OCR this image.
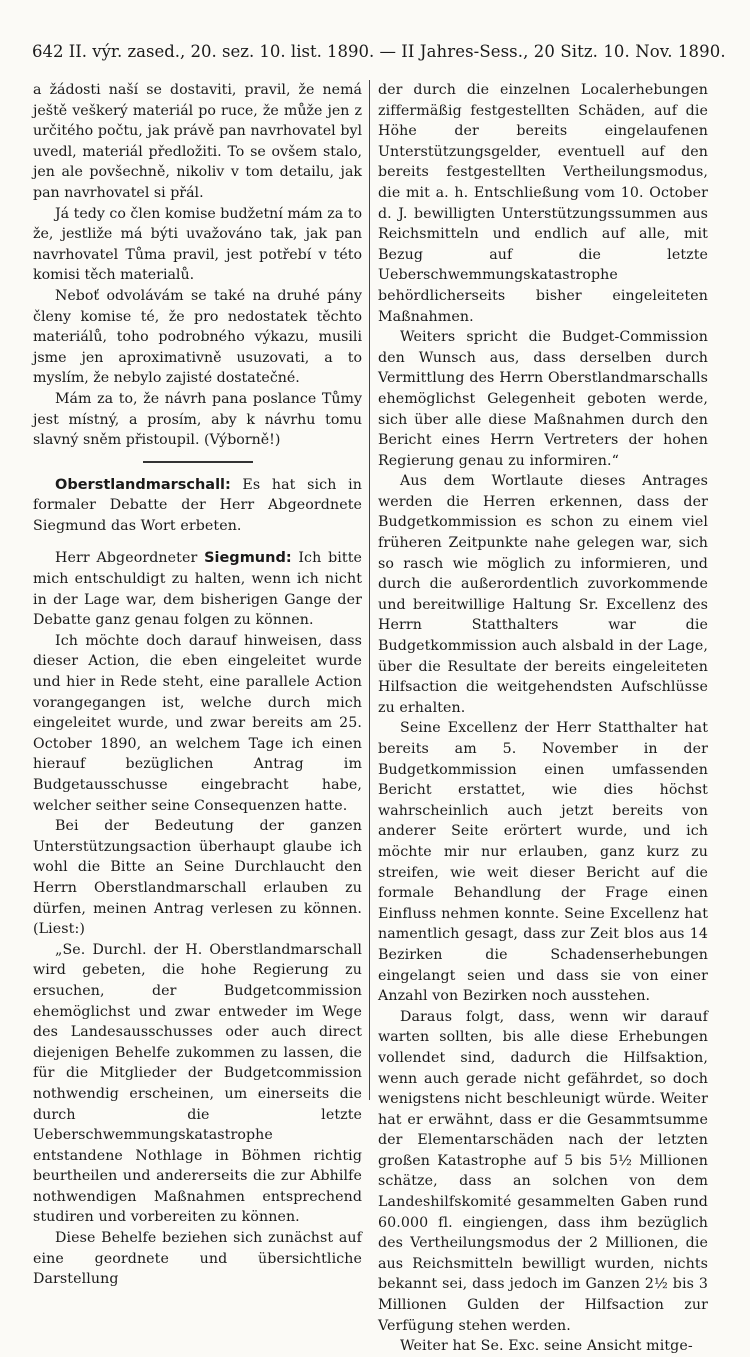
642 II. výr. zased., 20. sez. 10. list. 1890. — II Jahres-Sess., 20 Sitz. 10. Nov. 1890.

a žádosti naší se dostaviti, pravil, že nemá ještě veškerý materiál po ruce, že může jen z určitého počtu, jak právě pan navrhovatel byl uvedl, materiál předložiti. To se ovšem stalo, jen ale povšechně, nikoliv v tom detailu, jak pan navrhovatel si přál.

Já tedy co člen komise budžetní mám za to že, jestliže má býti uvažováno tak, jak pan navrhovatel Tůma pravil, jest potřebí v této komisi těch materialů.

Neboť odvolávám se také na druhé pány členy komise té, že pro nedostatek těchto materiálů, toho podrobného výkazu, musili jsme jen aproximativně usuzovati, a to myslím, že nebylo zajisté dostatečné.

Mám za to, že návrh pana poslance Tůmy jest místný, a prosím, aby k návrhu tomu slavný sněm přistoupil. (Výborně!)

Oberstlandmarschall: Es hat sich in formaler Debatte der Herr Abgeordnete Siegmund das Wort erbeten.

Herr Abgeordneter Siegmund: Ich bitte mich entschuldigt zu halten, wenn ich nicht in der Lage war, dem bisherigen Gange der Debatte ganz genau folgen zu können.

Ich möchte doch darauf hinweisen, dass dieser Action, die eben eingeleitet wurde und hier in Rede steht, eine parallele Action vorangegangen ist, welche durch mich eingeleitet wurde, und zwar bereits am 25. October 1890, an welchem Tage ich einen hierauf bezüglichen Antrag im Budgetausschusse eingebracht habe, welcher seither seine Consequenzen hatte.

Bei der Bedeutung der ganzen Unterstützungsaction überhaupt glaube ich wohl die Bitte an Seine Durchlaucht den Herrn Oberstlandmarschall erlauben zu dürfen, meinen Antrag verlesen zu können. (Liest:)

„Se. Durchl. der H. Oberstlandmarschall wird gebeten, die hohe Regierung zu ersuchen, der Budgetcommission ehemöglichst und zwar entweder im Wege des Landesausschusses oder auch direct diejenigen Behelfe zukommen zu lassen, die für die Mitglieder der Budgetcommission nothwendig erscheinen, um einerseits die durch die letzte Ueberschwemmungskatastrophe entstandene Nothlage in Böhmen richtig beurtheilen und andererseits die zur Abhilfe nothwendigen Maßnahmen entsprechend studiren und vorbereiten zu können.

Diese Behelfe beziehen sich zunächst auf eine geordnete und übersichtliche Darstellung

der durch die einzelnen Localerhebungen ziffermäßig festgestellten Schäden, auf die Höhe der bereits eingelaufenen Unterstützungsgelder, eventuell auf den bereits festgestellten Vertheilungsmodus, die mit a. h. Entschließung vom 10. October d. J. bewilligten Unterstützungssummen aus Reichsmitteln und endlich auf alle, mit Bezug auf die letzte Ueberschwemmungskatastrophe behördlicherseits bisher eingeleiteten Maßnahmen.

Weiters spricht die Budget-Commission den Wunsch aus, dass derselben durch Vermittlung des Herrn Oberstlandmarschalls ehemöglichst Gelegenheit geboten werde, sich über alle diese Maßnahmen durch den Bericht eines Herrn Vertreters der hohen Regierung genau zu informiren.“

Aus dem Wortlaute dieses Antrages werden die Herren erkennen, dass der Budgetkommission es schon zu einem viel früheren Zeitpunkte nahe gelegen war, sich so rasch wie möglich zu informieren, und durch die außerordentlich zuvorkommende und bereitwillige Haltung Sr. Excellenz des Herrn Statthalters war die Budgetkommission auch alsbald in der Lage, über die Resultate der bereits eingeleiteten Hilfsaction die weitgehendsten Aufschlüsse zu erhalten.

Seine Excellenz der Herr Statthalter hat bereits am 5. November in der Budgetkommission einen umfassenden Bericht erstattet, wie dies höchst wahrscheinlich auch jetzt bereits von anderer Seite erörtert wurde, und ich möchte mir nur erlauben, ganz kurz zu streifen, wie weit dieser Bericht auf die formale Behandlung der Frage einen Einfluss nehmen konnte. Seine Excellenz hat namentlich gesagt, dass zur Zeit blos aus 14 Bezirken die Schadenserhebungen eingelangt seien und dass sie von einer Anzahl von Bezirken noch ausstehen.

Daraus folgt, dass, wenn wir darauf warten sollten, bis alle diese Erhebungen vollendet sind, dadurch die Hilfsaktion, wenn auch gerade nicht gefährdet, so doch wenigstens nicht beschleunigt würde. Weiter hat er erwähnt, dass er die Gesammtsumme der Elementarschäden nach der letzten großen Katastrophe auf 5 bis 5½ Millionen schätze, dass an solchen von dem Landeshilfskomité gesammelten Gaben rund 60.000 fl. eingiengen, dass ihm bezüglich des Vertheilungsmodus der 2 Millionen, die aus Reichsmitteln bewilligt wurden, nichts bekannt sei, dass jedoch im Ganzen 2½ bis 3 Millionen Gulden der Hilfsaction zur Verfügung stehen werden.

Weiter hat Se. Exc. seine Ansicht mitge-
